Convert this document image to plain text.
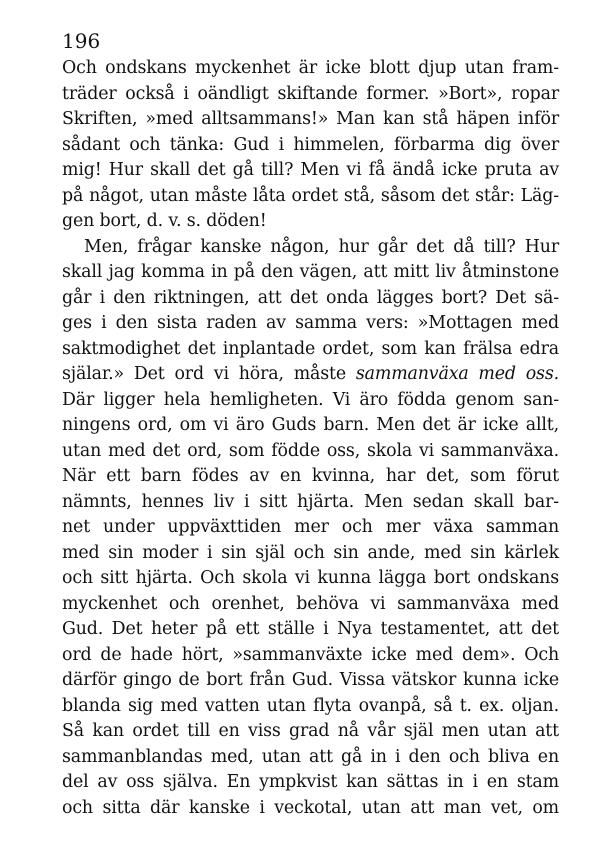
196
Och ondskans myckenhet är icke blott djup utan fram-
träder också i oändligt skiftande former. »Bort», ropar
Skriften, »med alltsammans!» Man kan stå häpen inför
sådant och tänka: Gud i himmelen, förbarma dig över
mig! Hur skall det gå till? Men vi få ändå icke pruta av
på något, utan måste låta ordet stå, såsom det står: Läg-
gen bort, d. v. s. döden!
Men, frågar kanske någon, hur går det då till? Hur
skall jag komma in på den vägen, att mitt liv åtminstone
går i den riktningen, att det onda lägges bort? Det sä-
ges i den sista raden av samma vers: »Mottagen med
saktmodighet det inplantade ordet, som kan frälsa edra
själar.» Det ord vi höra, måste sammanväxa med oss.
Där ligger hela hemligheten. Vi äro födda genom san-
ningens ord, om vi äro Guds barn. Men det är icke allt,
utan med det ord, som födde oss, skola vi sammanväxa.
När ett barn födes av en kvinna, har det, som förut
nämnts, hennes liv i sitt hjärta. Men sedan skall bar-
net under uppväxttiden mer och mer växa samman
med sin moder i sin själ och sin ande, med sin kärlek
och sitt hjärta. Och skola vi kunna lägga bort ondskans
myckenhet och orenhet, behöva vi sammanväxa med
Gud. Det heter på ett ställe i Nya testamentet, att det
ord de hade hört, »sammanväxte icke med dem». Och
därför gingo de bort från Gud. Vissa vätskor kunna icke
blanda sig med vatten utan flyta ovanpå, så t. ex. oljan.
Så kan ordet till en viss grad nå vår själ men utan att
sammanblandas med, utan att gå in i den och bliva en
del av oss själva. En ympkvist kan sättas in i en stam
och sitta där kanske i veckotal, utan att man vet, om
